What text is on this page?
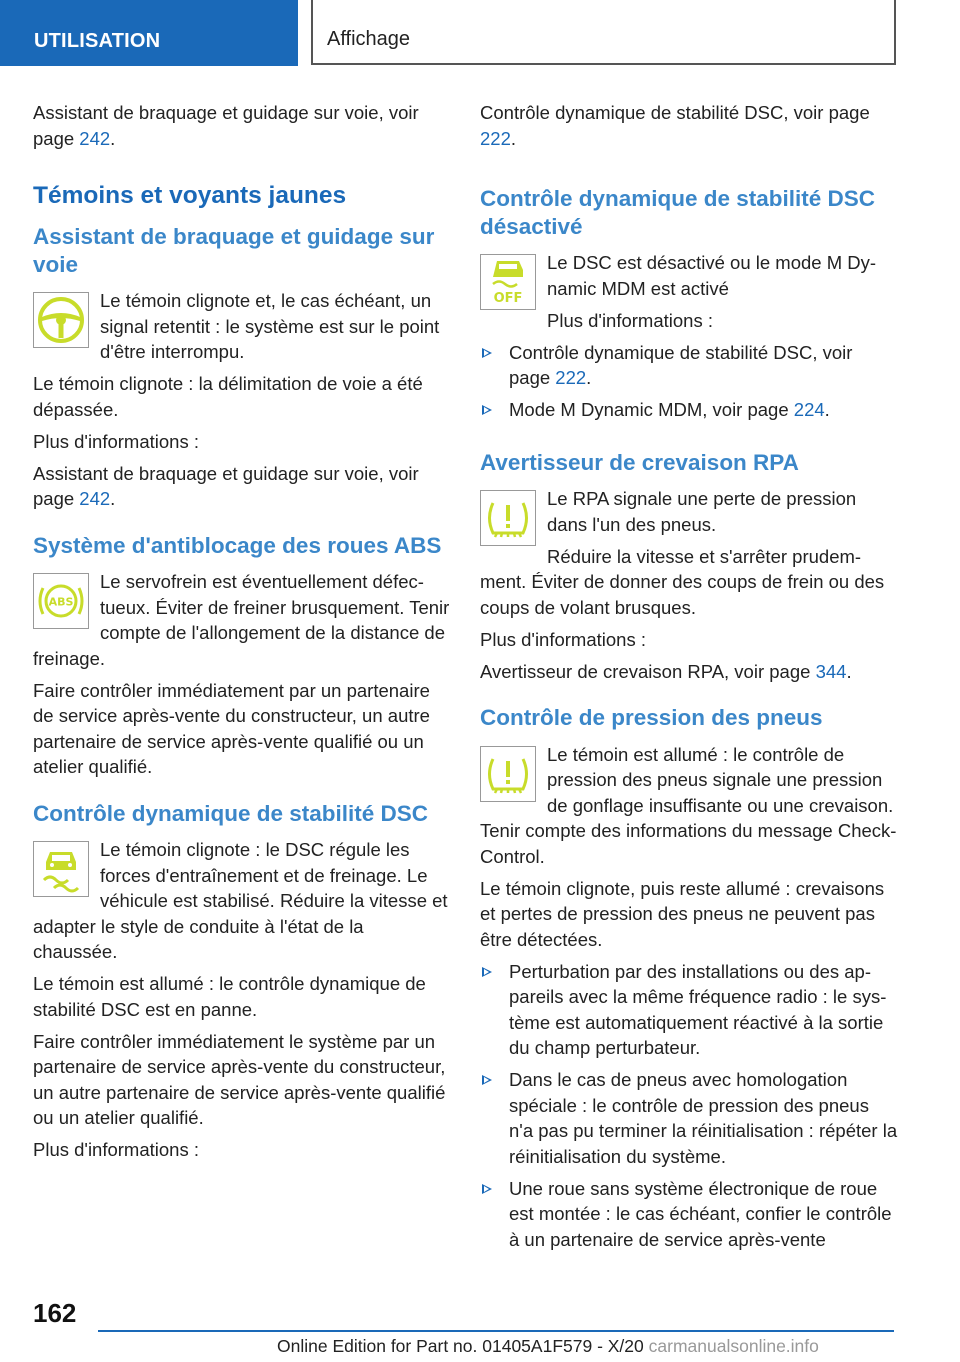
UTILISATION	Affichage

Assistant de braquage et guidage sur voie, voir page 242.

Témoins et voyants jaunes
Assistant de braquage et guidage sur voie

Le témoin clignote et, le cas échéant, un signal retentit : le système est sur le point d'être interrompu.

Le témoin clignote : la délimitation de voie a été dépassée.

Plus d'informations :

Assistant de braquage et guidage sur voie, voir page 242.

Système d'antiblocage des roues ABS
ABS

Le servofrein est éventuellement défectueux. Éviter de freiner brusquement. Tenir compte de l'allongement de la distance de freinage.

Faire contrôler immédiatement par un partenaire de service après-vente du constructeur, un autre partenaire de service après-vente qualifié ou un atelier qualifié.

Contrôle dynamique de stabilité DSC

Le témoin clignote : le DSC régule les forces d'entraînement et de freinage. Le véhicule est stabilisé. Réduire la vitesse et adapter le style de conduite à l'état de la chaussée.

Le témoin est allumé : le contrôle dynamique de stabilité DSC est en panne.

Faire contrôler immédiatement le système par un partenaire de service après-vente du constructeur, un autre partenaire de service après-vente qualifié ou un atelier qualifié.

Plus d'informations :

Contrôle dynamique de stabilité DSC, voir page 222.

Contrôle dynamique de stabilité DSC désactivé
OFF

Le DSC est désactivé ou le mode M Dynamic MDM est activé

Plus d'informations :

Contrôle dynamique de stabilité DSC, voir page 222.
Mode M Dynamic MDM, voir page 224.
Avertisseur de crevaison RPA

Le RPA signale une perte de pression dans l'un des pneus.

Réduire la vitesse et s'arrêter prudemment. Éviter de donner des coups de frein ou des coups de volant brusques.

Plus d'informations :

Avertisseur de crevaison RPA, voir page 344.

Contrôle de pression des pneus

Le témoin est allumé : le contrôle de pression des pneus signale une pression de gonflage insuffisante ou une crevaison. Tenir compte des informations du message Check-Control.

Le témoin clignote, puis reste allumé : crevaisons et pertes de pression des pneus ne peuvent pas être détectées.

Perturbation par des installations ou des appareils avec la même fréquence radio : le système est automatiquement réactivé à la sortie du champ perturbateur.
Dans le cas de pneus avec homologation spéciale : le contrôle de pression des pneus n'a pas pu terminer la réinitialisation : répéter la réinitialisation du système.
Une roue sans système électronique de roue est montée : le cas échéant, confier le contrôle à un partenaire de service après-vente
162
Online Edition for Part no. 01405A1F579 - X/20 carmanualsonline.info
